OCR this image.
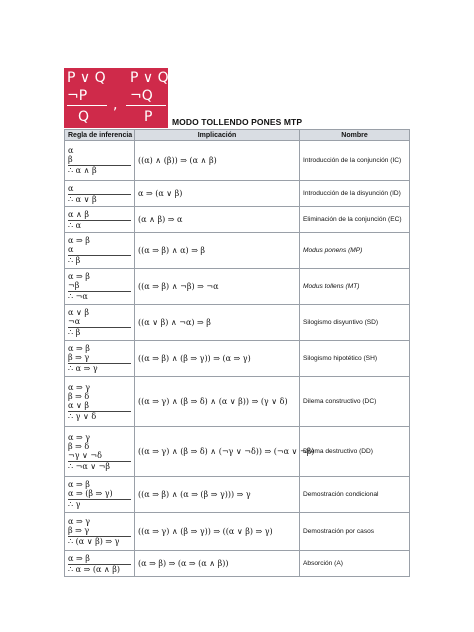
P ∨ Q
¬P
Q
,
P ∨ Q
¬Q
P MODO TOLLENDO PONES MTP
Regla de inferencia	Implicación	Nombre

α
β
∴ α ∧ β	((α) ∧ (β)) ⇒ (α ∧ β)	Introducción de la conjunción (IC)

α
∴ α ∨ β	α ⇒ (α ∨ β)	Introducción de la disyunción (ID)

α ∧ β
∴ α	(α ∧ β) ⇒ α	Eliminación de la conjunción (EC)

α ⇒ β
α
∴ β	((α ⇒ β) ∧ α) ⇒ β	Modus ponens (MP)

α ⇒ β
¬β
∴ ¬α	((α ⇒ β) ∧ ¬β) ⇒ ¬α	Modus tollens (MT)

α ∨ β
¬α
∴ β	((α ∨ β) ∧ ¬α) ⇒ β	Silogismo disyuntivo (SD)

α ⇒ β
β ⇒ γ
∴ α ⇒ γ	((α ⇒ β) ∧ (β ⇒ γ)) ⇒ (α ⇒ γ)	Silogismo hipotético (SH)

α ⇒ γ
β ⇒ δ
α ∨ β
∴ γ ∨ δ	((α ⇒ γ) ∧ (β ⇒ δ) ∧ (α ∨ β)) ⇒ (γ ∨ δ)	Dilema constructivo (DC)

α ⇒ γ
β ⇒ δ
¬γ ∨ ¬δ
∴ ¬α ∨ ¬β	((α ⇒ γ) ∧ (β ⇒ δ) ∧ (¬γ ∨ ¬δ)) ⇒ (¬α ∨ ¬β)	Dilema destructivo (DD)

α ⇒ β
α ⇒ (β ⇒ γ)
∴ γ	((α ⇒ β) ∧ (α ⇒ (β ⇒ γ))) ⇒ γ	Demostración condicional

α ⇒ γ
β ⇒ γ
∴ (α ∨ β) ⇒ γ	((α ⇒ γ) ∧ (β ⇒ γ)) ⇒ ((α ∨ β) ⇒ γ)	Demostración por casos

α ⇒ β
∴ α ⇒ (α ∧ β)	(α ⇒ β) ⇒ (α ⇒ (α ∧ β))	Absorción (A)
